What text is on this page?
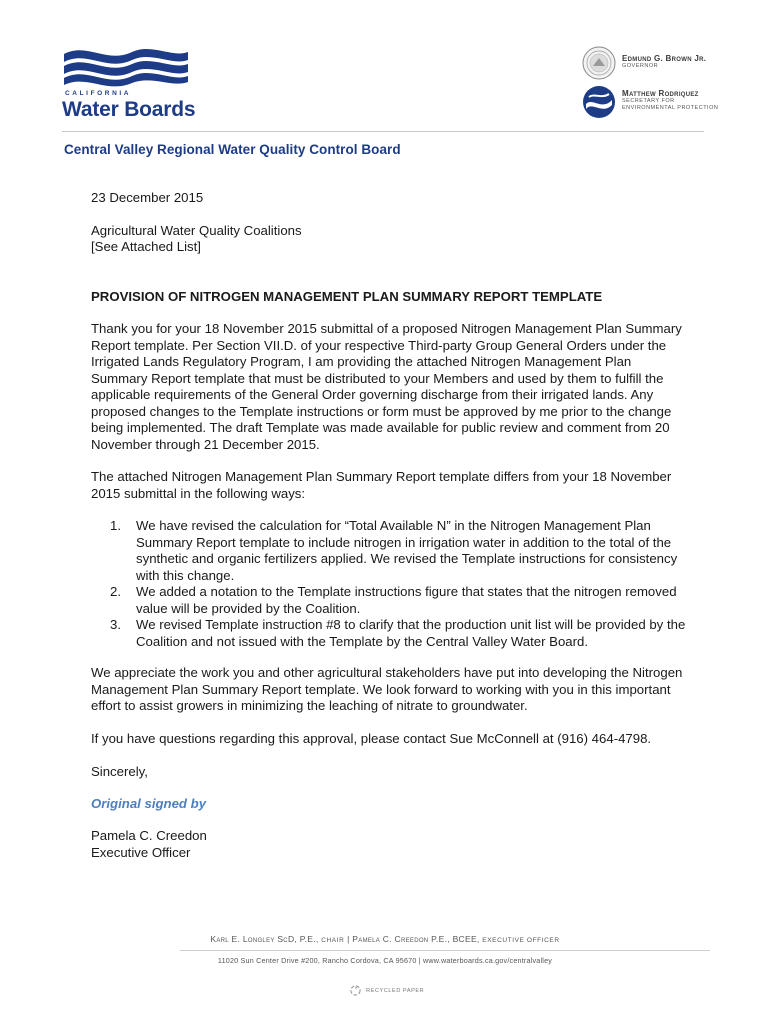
CALIFORNIA
Water Boards
Edmund G. Brown Jr.
GOVERNOR
Matthew Rodriquez
SECRETARY FOR
ENVIRONMENTAL PROTECTION
Central Valley Regional Water Quality Control Board

23 December 2015

Agricultural Water Quality Coalitions

[See Attached List]

PROVISION OF NITROGEN MANAGEMENT PLAN SUMMARY REPORT TEMPLATE

Thank you for your 18 November 2015 submittal of a proposed Nitrogen Management Plan Summary Report template. Per Section VII.D. of your respective Third-party Group General Orders under the Irrigated Lands Regulatory Program, I am providing the attached Nitrogen Management Plan Summary Report template that must be distributed to your Members and used by them to fulfill the applicable requirements of the General Order governing discharge from their irrigated lands. Any proposed changes to the Template instructions or form must be approved by me prior to the change being implemented. The draft Template was made available for public review and comment from 20 November through 21 December 2015.

The attached Nitrogen Management Plan Summary Report template differs from your 18 November 2015 submittal in the following ways:

1. We have revised the calculation for “Total Available N” in the Nitrogen Management Plan Summary Report template to include nitrogen in irrigation water in addition to the total of the synthetic and organic fertilizers applied. We revised the Template instructions for consistency with this change.
2. We added a notation to the Template instructions figure that states that the nitrogen removed value will be provided by the Coalition.
3. We revised Template instruction #8 to clarify that the production unit list will be provided by the Coalition and not issued with the Template by the Central Valley Water Board.

We appreciate the work you and other agricultural stakeholders have put into developing the Nitrogen Management Plan Summary Report template. We look forward to working with you in this important effort to assist growers in minimizing the leaching of nitrate to groundwater.

If you have questions regarding this approval, please contact Sue McConnell at (916) 464-4798.

Sincerely,

Original signed by

Pamela C. Creedon

Executive Officer

Karl E. Longley ScD, P.E., CHAIR | Pamela C. Creedon P.E., BCEE, EXECUTIVE OFFICER
11020 Sun Center Drive #200, Rancho Cordova, CA 95670 | www.waterboards.ca.gov/centralvalley
RECYCLED PAPER
